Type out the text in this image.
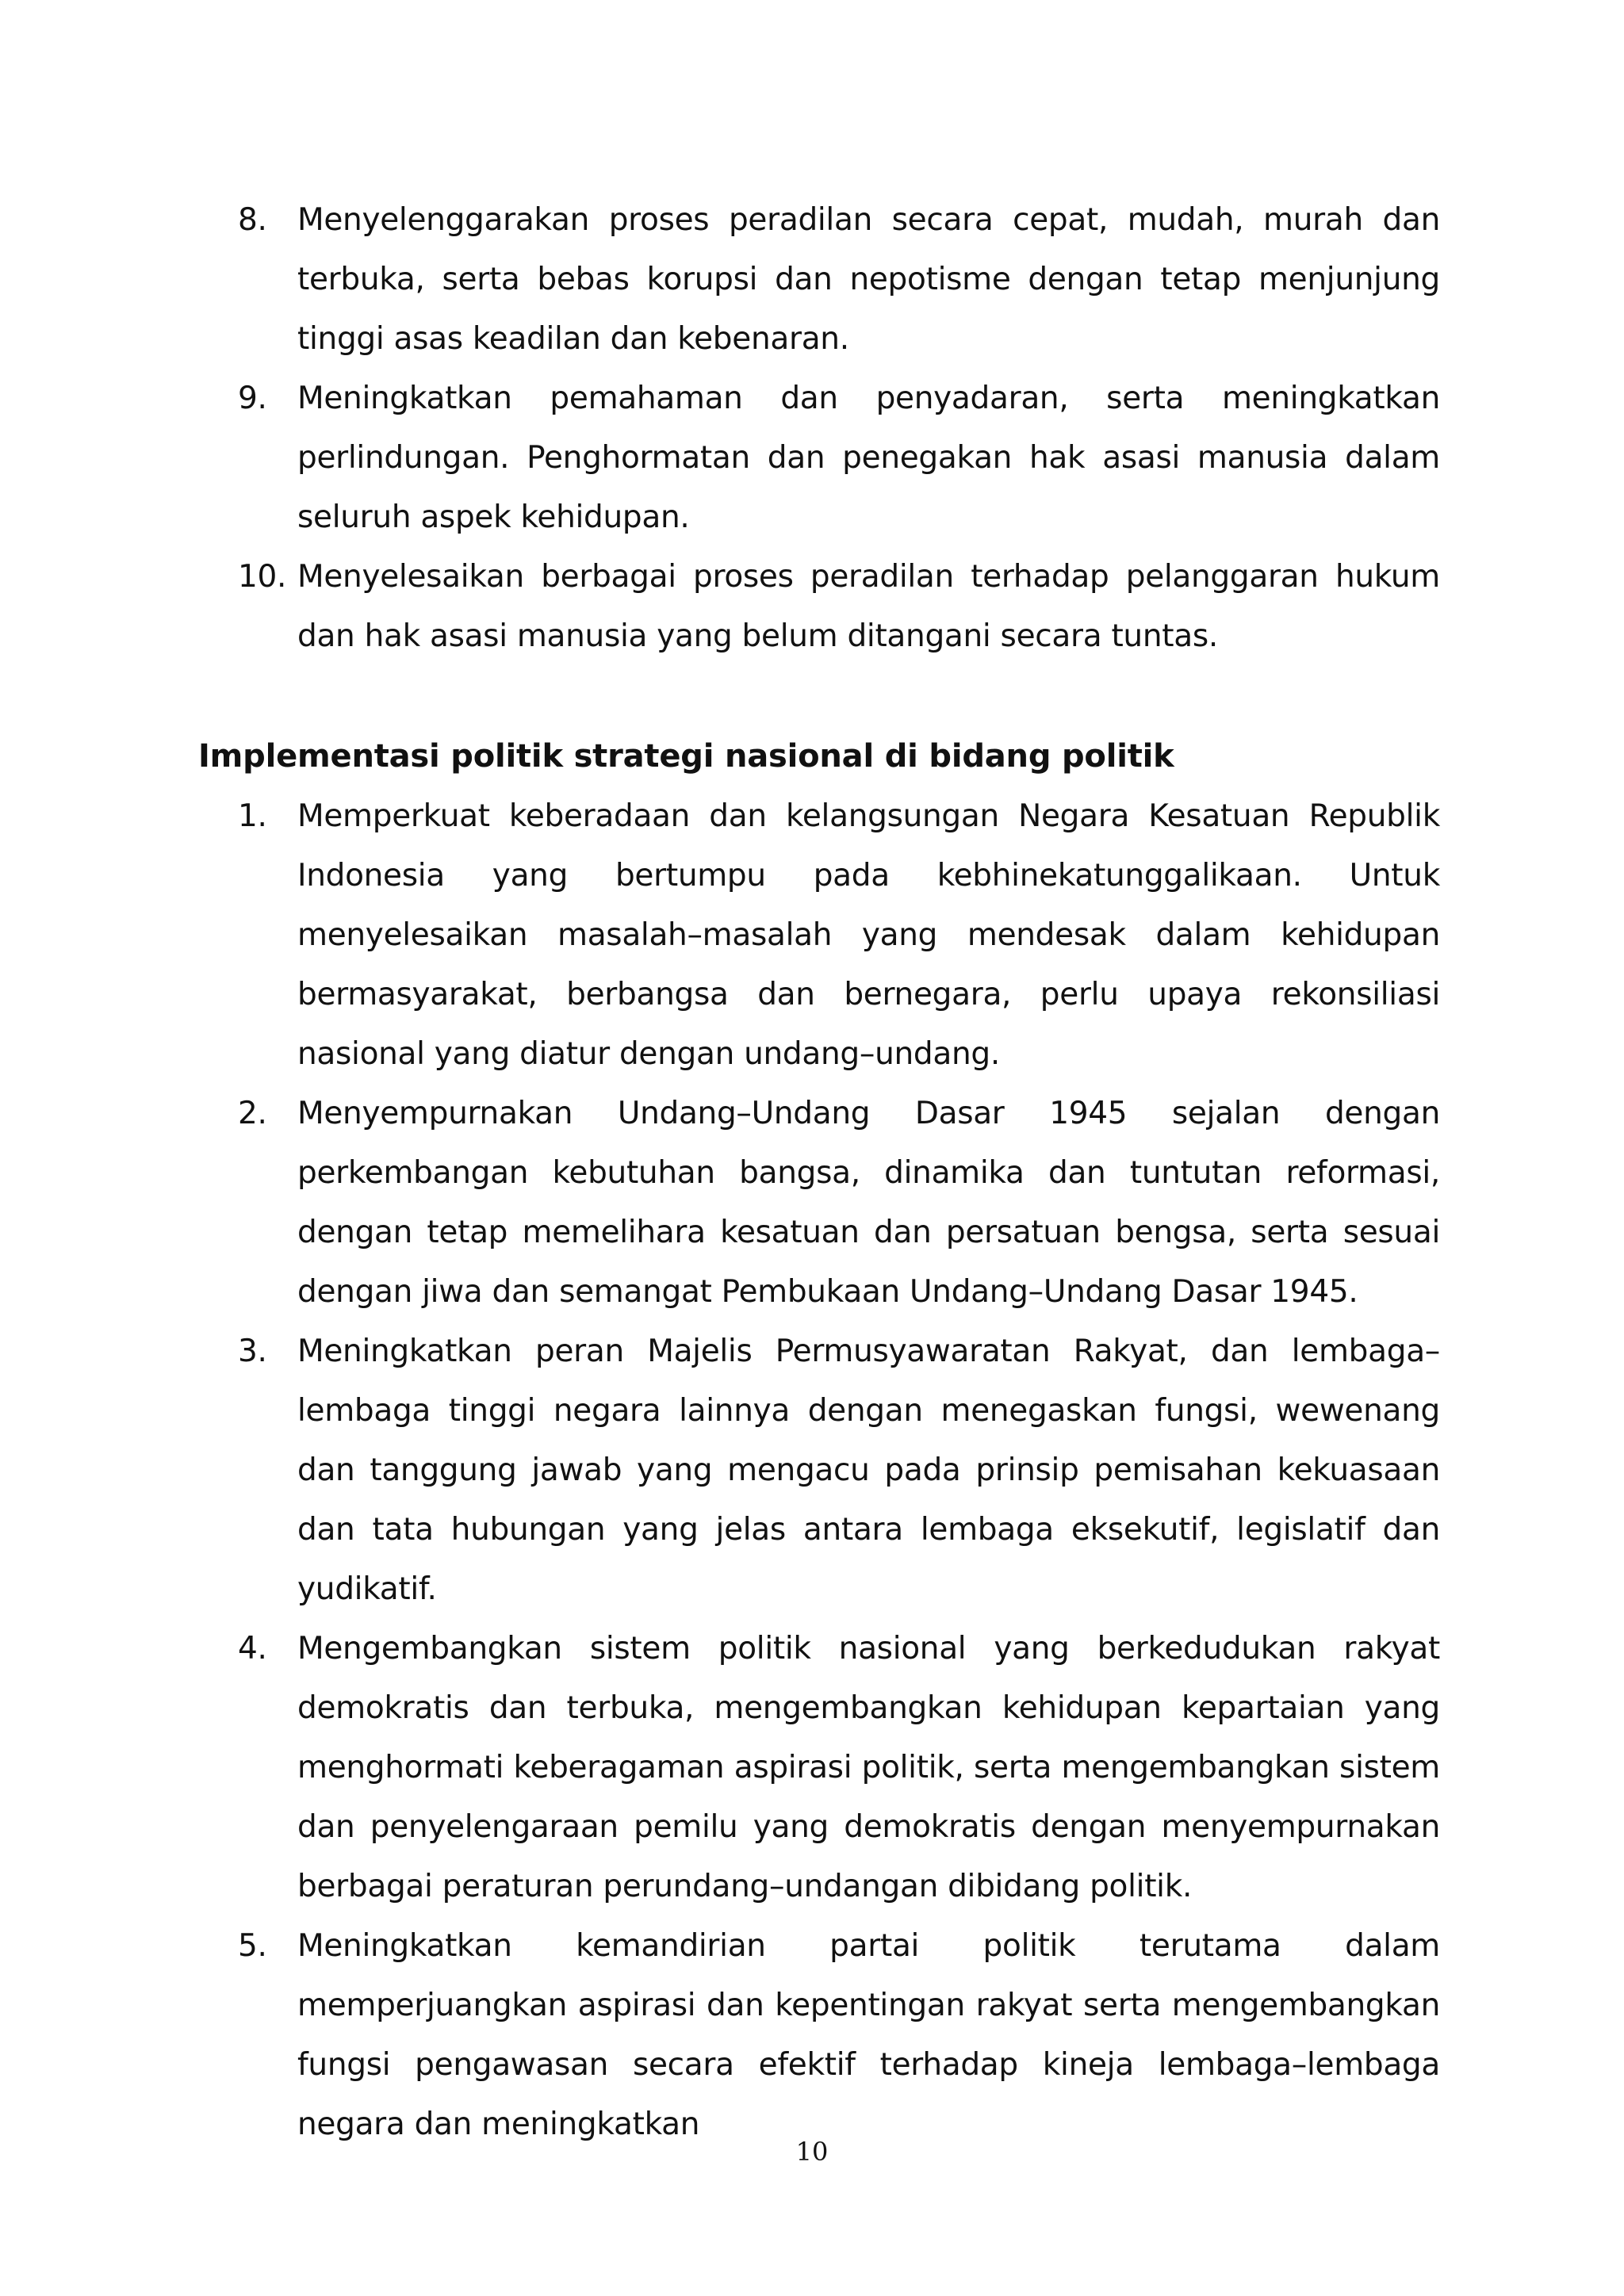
8. Menyelenggarakan proses peradilan secara cepat, mudah, murah dan terbuka, serta bebas korupsi dan nepotisme dengan tetap menjunjung tinggi asas keadilan dan kebenaran.
9. Meningkatkan pemahaman dan penyadaran, serta meningkatkan perlindungan. Penghormatan dan penegakan hak asasi manusia dalam seluruh aspek kehidupan.
10. Menyelesaikan berbagai proses peradilan terhadap pelanggaran hukum dan hak asasi manusia yang belum ditangani secara tuntas.
Implementasi politik strategi nasional di bidang politik
1. Memperkuat keberadaan dan kelangsungan Negara Kesatuan Republik Indonesia yang bertumpu pada kebhinekatunggalikaan. Untuk menyelesaikan masalah–masalah yang mendesak dalam kehidupan bermasyarakat, berbangsa dan bernegara, perlu upaya rekonsiliasi nasional yang diatur dengan undang–undang.
2. Menyempurnakan Undang–Undang Dasar 1945 sejalan dengan perkembangan kebutuhan bangsa, dinamika dan tuntutan reformasi, dengan tetap memelihara kesatuan dan persatuan bengsa, serta sesuai dengan jiwa dan semangat Pembukaan Undang–Undang Dasar 1945.
3. Meningkatkan peran Majelis Permusyawaratan Rakyat, dan lembaga–lembaga tinggi negara lainnya dengan menegaskan fungsi, wewenang dan tanggung jawab yang mengacu pada prinsip pemisahan kekuasaan dan tata hubungan yang jelas antara lembaga eksekutif, legislatif dan yudikatif.
4. Mengembangkan sistem politik nasional yang berkedudukan rakyat demokratis dan terbuka, mengembangkan kehidupan kepartaian yang menghormati keberagaman aspirasi politik, serta mengembangkan sistem dan penyelengaraan pemilu yang demokratis dengan menyempurnakan berbagai peraturan perundang–undangan dibidang politik.
5. Meningkatkan kemandirian partai politik terutama dalam memperjuangkan aspirasi dan kepentingan rakyat serta mengembangkan fungsi pengawasan secara efektif terhadap kineja lembaga–lembaga negara dan meningkatkan
10
